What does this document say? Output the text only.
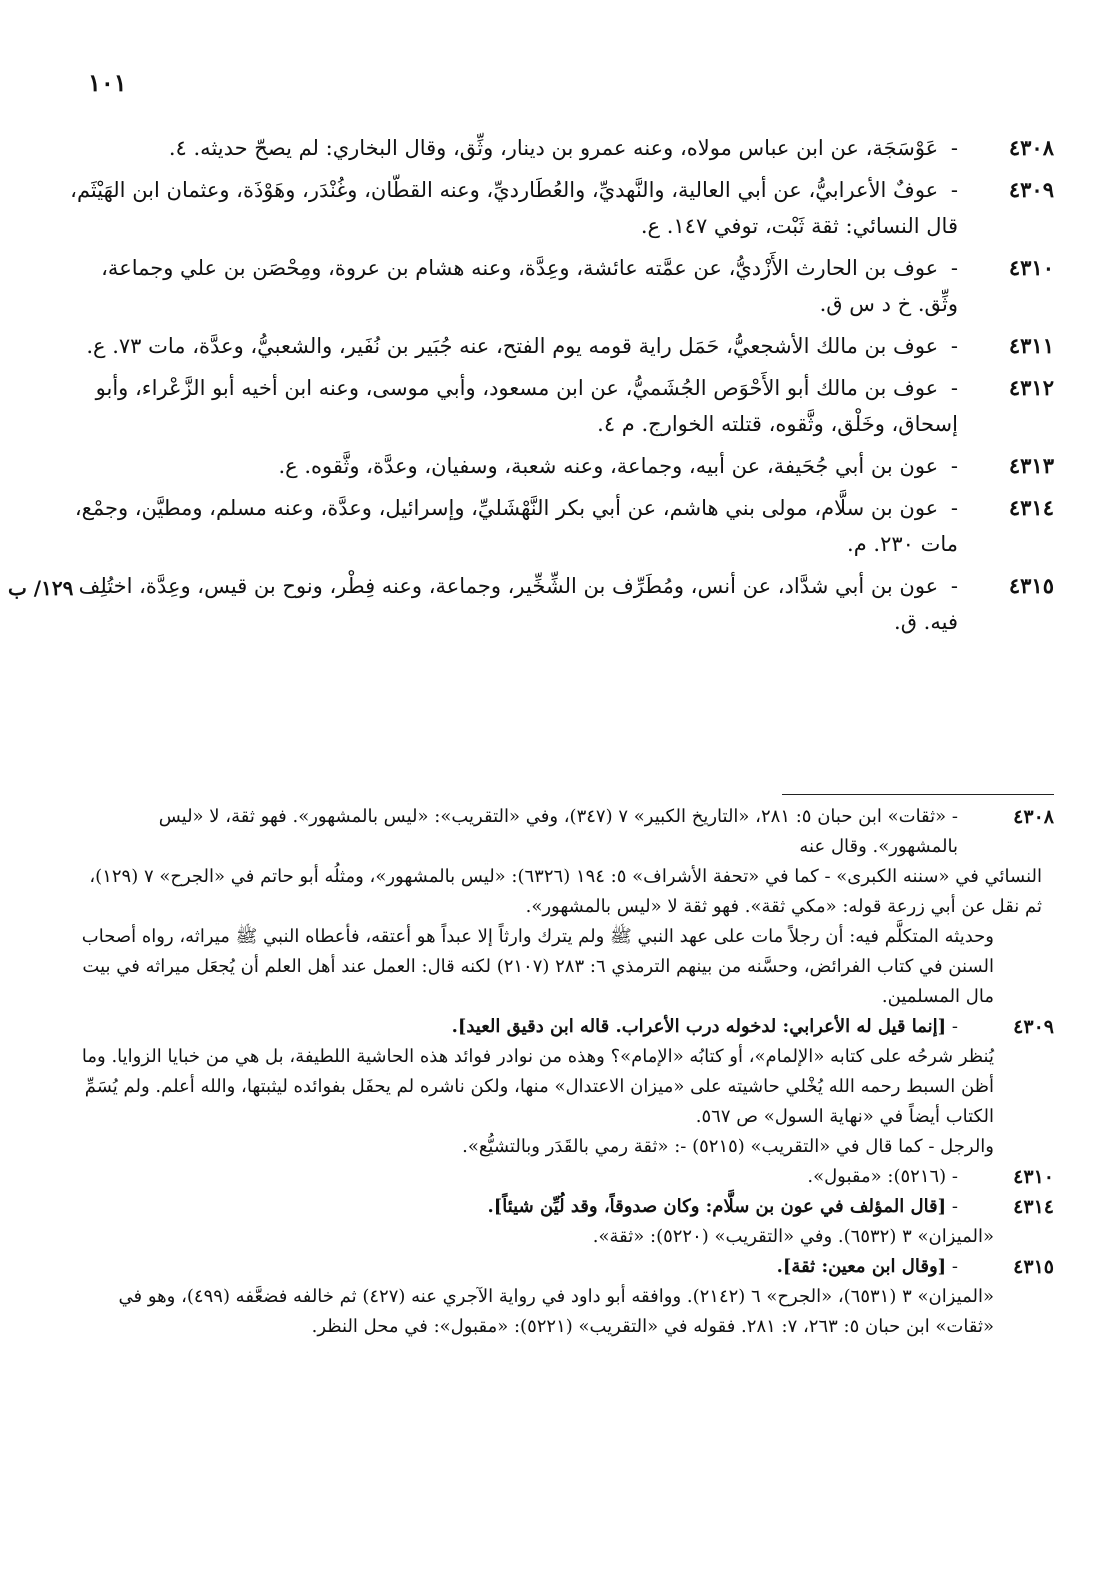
١٠١
١٢٩/ ب
٤٣٠٨
- عَوْسَجَة، عن ابن عباس مولاه، وعنه عمرو بن دينار، وثِّق، وقال البخاري: لم يصحّ حديثه. ٤.
٤٣٠٩
- عوفٌ الأعرابيُّ، عن أبي العالية، والنَّهديِّ، والعُطَارديِّ، وعنه القطّان، وغُنْدَر، وهَوْذَة، وعثمان ابن الهَيْثَم، قال النسائي: ثقة ثَبْت، توفي ١٤٧. ع.
٤٣١٠
- عوف بن الحارث الأَزْديُّ، عن عمَّته عائشة، وعِدَّة، وعنه هشام بن عروة، ومِحْصَن بن علي وجماعة، وثِّق. خ د س ق.
٤٣١١
- عوف بن مالك الأشجعيُّ، حَمَل راية قومه يوم الفتح، عنه جُبَير بن نُفَير، والشعبيُّ، وعدَّة، مات ٧٣. ع.
٤٣١٢
- عوف بن مالك أبو الأَحْوَص الجُشَميُّ، عن ابن مسعود، وأبي موسى، وعنه ابن أخيه أبو الزَّعْراء، وأبو إسحاق، وخَلْق، وثَّقوه، قتلته الخوارج. م ٤.
٤٣١٣
- عون بن أبي جُحَيفة، عن أبيه، وجماعة، وعنه شعبة، وسفيان، وعدَّة، وثَّقوه. ع.
٤٣١٤
- عون بن سلَّام، مولى بني هاشم، عن أبي بكر النَّهْشَليِّ، وإسرائيل، وعدَّة، وعنه مسلم، ومطيَّن، وجمْع، مات ٢٣٠. م.
٤٣١٥
- عون بن أبي شدَّاد، عن أنس، ومُطَرِّف بن الشِّخِّير، وجماعة، وعنه فِطْر، ونوح بن قيس، وعِدَّة، اختُلِف فيه. ق.
٤٣٠٨
- «ثقات» ابن حبان ٥: ٢٨١، «التاريخ الكبير» ٧ (٣٤٧)، وفي «التقريب»: «ليس بالمشهور». فهو ثقة، لا «ليس بالمشهور». وقال عنه
النسائي في «سننه الكبرى» - كما في «تحفة الأشراف» ٥: ١٩٤ (٦٣٢٦): «ليس بالمشهور»، ومثلُه أبو حاتم في «الجرح» ٧ (١٢٩)، ثم نقل عن أبي زرعة قوله: «مكي ثقة». فهو ثقة لا «ليس بالمشهور».
وحديثه المتكلَّم فيه: أن رجلاً مات على عهد النبي ﷺ ولم يترك وارثاً إلا عبداً هو أعتقه، فأعطاه النبي ﷺ ميراثه، رواه أصحاب السنن في كتاب الفرائض، وحسَّنه من بينهم الترمذي ٦: ٢٨٣ (٢١٠٧) لكنه قال: العمل عند أهل العلم أن يُجعَل ميراثه في بيت مال المسلمين.
٤٣٠٩
- [إنما قيل له الأعرابي: لدخوله درب الأعراب. قاله ابن دقيق العيد].
يُنظر شرحُه على كتابه «الإلمام»، أو كتابُه «الإمام»؟ وهذه من نوادر فوائد هذه الحاشية اللطيفة، بل هي من خبايا الزوايا. وما أظن السبط رحمه الله يُخْلي حاشيته على «ميزان الاعتدال» منها، ولكن ناشره لم يحفَل بفوائده ليثبتها، والله أعلم. ولم يُسَمِّ الكتاب أيضاً في «نهاية السول» ص ٥٦٧.
والرجل - كما قال في «التقريب» (٥٢١٥) -: «ثقة رمي بالقَدَر وبالتشيُّع».
٤٣١٠
- (٥٢١٦): «مقبول».
٤٣١٤
- [قال المؤلف في عون بن سلَّام: وكان صدوقاً، وقد لُيِّن شيئاً].
«الميزان» ٣ (٦٥٣٢). وفي «التقريب» (٥٢٢٠): «ثقة».
٤٣١٥
- [وقال ابن معين: ثقة].
«الميزان» ٣ (٦٥٣١)، «الجرح» ٦ (٢١٤٢). ووافقه أبو داود في رواية الآجري عنه (٤٢٧) ثم خالفه فضعَّفه (٤٩٩)، وهو في «ثقات» ابن حبان ٥: ٢٦٣، ٧: ٢٨١. فقوله في «التقريب» (٥٢٢١): «مقبول»: في محل النظر.
